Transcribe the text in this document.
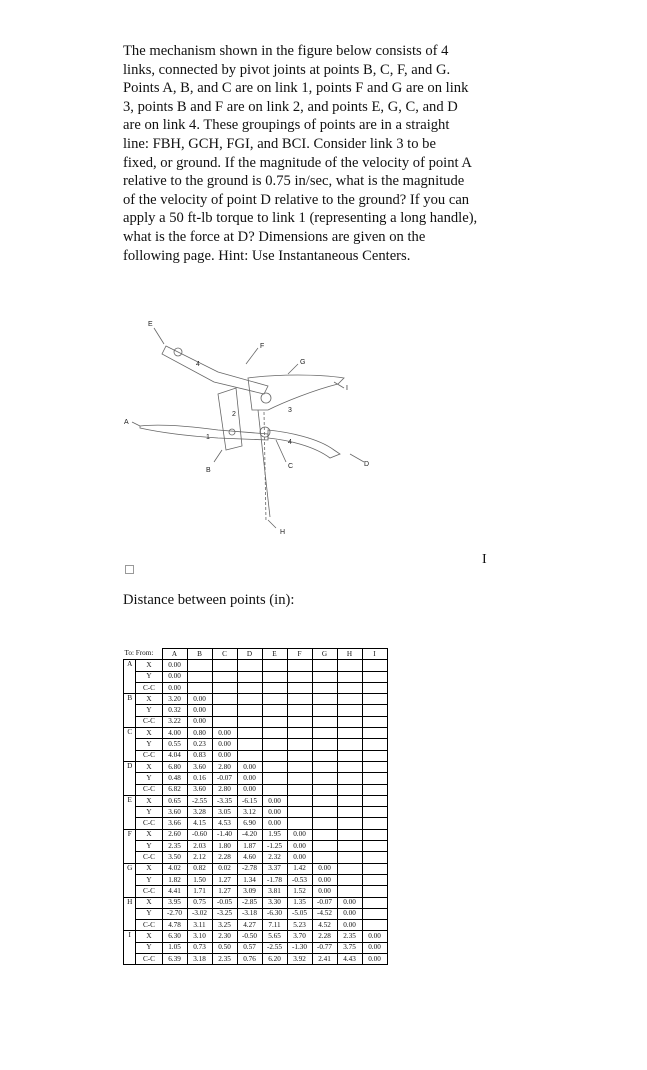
The mechanism shown in the figure below consists of 4
links, connected by pivot joints at points B, C, F, and G.
Points A, B, and C are on link 1, points F and G are on link
3, points B and F are on link 2, and points E, G, C, and D
are on link 4. These groupings of points are in a straight
line: FBH, GCH, FGI, and BCI. Consider link 3 to be
fixed, or ground. If the magnitude of the velocity of point A
relative to the ground is 0.75 in/sec, what is the magnitude
of the velocity of point D relative to the ground? If you can
apply a 50 ft-lb torque to link 1 (representing a long handle),
what is the force at D? Dimensions are given on the
following page. Hint: Use Instantaneous Centers.

A
B
C	D
E
F
G
H
I
1
2
3
4
4
I
Distance between points (in):
To: From:		A	B	C	D	E	F	G	H	I
A	X	0.00								
	Y	0.00								
	C-C	0.00								
B	X	3.20	0.00							
	Y	0.32	0.00							
	C-C	3.22	0.00							
C	X	4.00	0.80	0.00						
	Y	0.55	0.23	0.00						
	C-C	4.04	0.83	0.00						
D	X	6.80	3.60	2.80	0.00					
	Y	0.48	0.16	-0.07	0.00					
	C-C	6.82	3.60	2.80	0.00					
E	X	0.65	-2.55	-3.35	-6.15	0.00				
	Y	3.60	3.28	3.05	3.12	0.00				
	C-C	3.66	4.15	4.53	6.90	0.00				
F	X	2.60	-0.60	-1.40	-4.20	1.95	0.00			
	Y	2.35	2.03	1.80	1.87	-1.25	0.00			
	C-C	3.50	2.12	2.28	4.60	2.32	0.00			
G	X	4.02	0.82	0.02	-2.78	3.37	1.42	0.00		
	Y	1.82	1.50	1.27	1.34	-1.78	-0.53	0.00		
	C-C	4.41	1.71	1.27	3.09	3.81	1.52	0.00		
H	X	3.95	0.75	-0.05	-2.85	3.30	1.35	-0.07	0.00	
	Y	-2.70	-3.02	-3.25	-3.18	-6.30	-5.05	-4.52	0.00	
	C-C	4.78	3.11	3.25	4.27	7.11	5.23	4.52	0.00	
I	X	6.30	3.10	2.30	-0.50	5.65	3.70	2.28	2.35	0.00
	Y	1.05	0.73	0.50	0.57	-2.55	-1.30	-0.77	3.75	0.00
	C-C	6.39	3.18	2.35	0.76	6.20	3.92	2.41	4.43	0.00
